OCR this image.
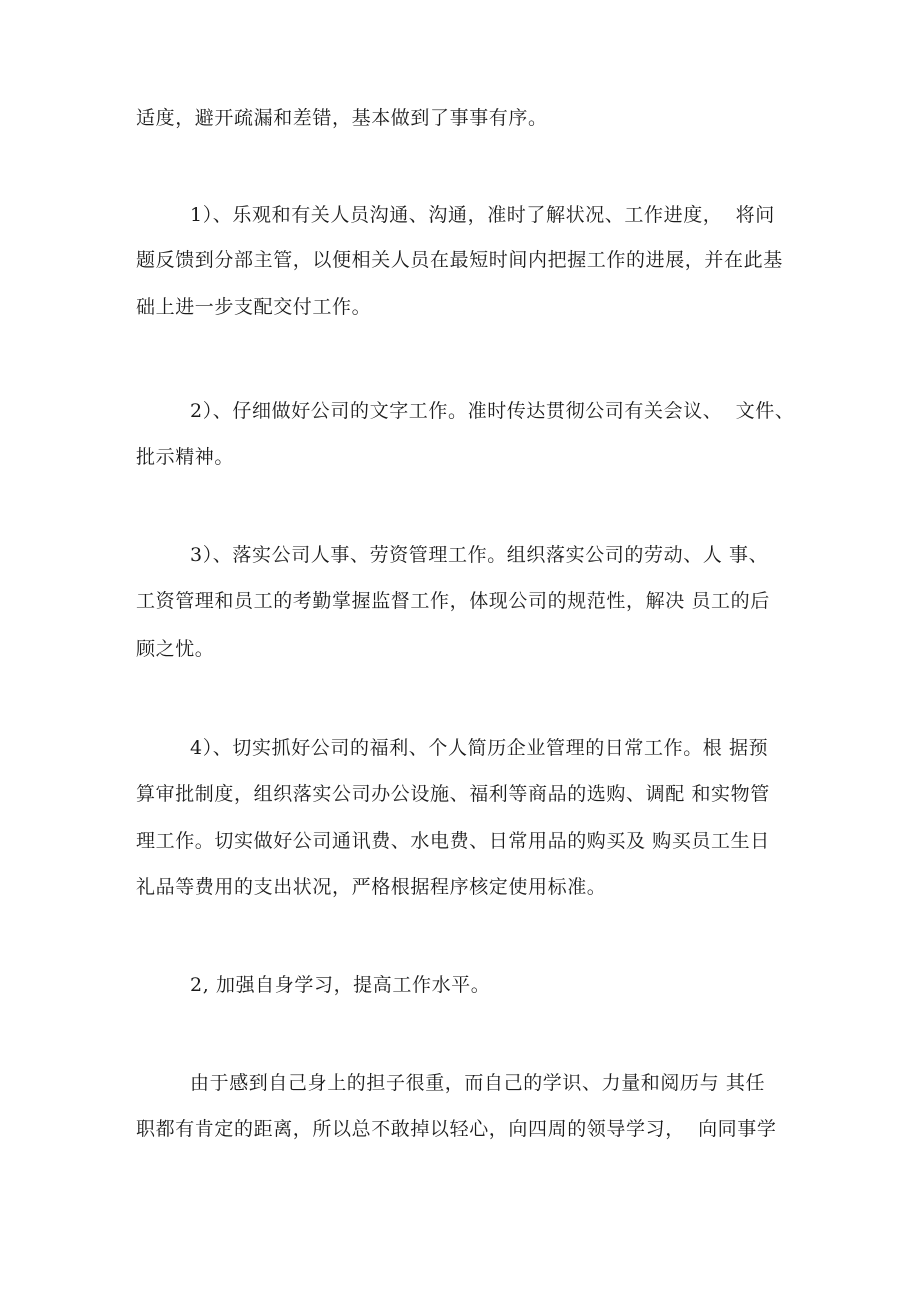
适度，避开疏漏和差错，基本做到了事事有序。
1）、乐观和有关人员沟通、沟通，准时了解状况、工作进度，  将问
题反馈到分部主管，以便相关人员在最短时间内把握工作的进展，并在此基
础上进一步支配交付工作。
2）、仔细做好公司的文字工作。准时传达贯彻公司有关会议、  文件、
批示精神。
3）、落实公司人事、劳资管理工作。组织落实公司的劳动、人 事、
工资管理和员工的考勤掌握监督工作，体现公司的规范性，解决 员工的后
顾之忧。
4）、切实抓好公司的福利、个人简历企业管理的日常工作。根 据预
算审批制度，组织落实公司办公设施、福利等商品的选购、调配 和实物管
理工作。切实做好公司通讯费、水电费、日常用品的购买及 购买员工生日
礼品等费用的支出状况，严格根据程序核定使用标准。
2, 加强自身学习，提高工作水平。
由于感到自己身上的担子很重，而自己的学识、力量和阅历与 其任
职都有肯定的距离，所以总不敢掉以轻心，向四周的领导学习，  向同事学
